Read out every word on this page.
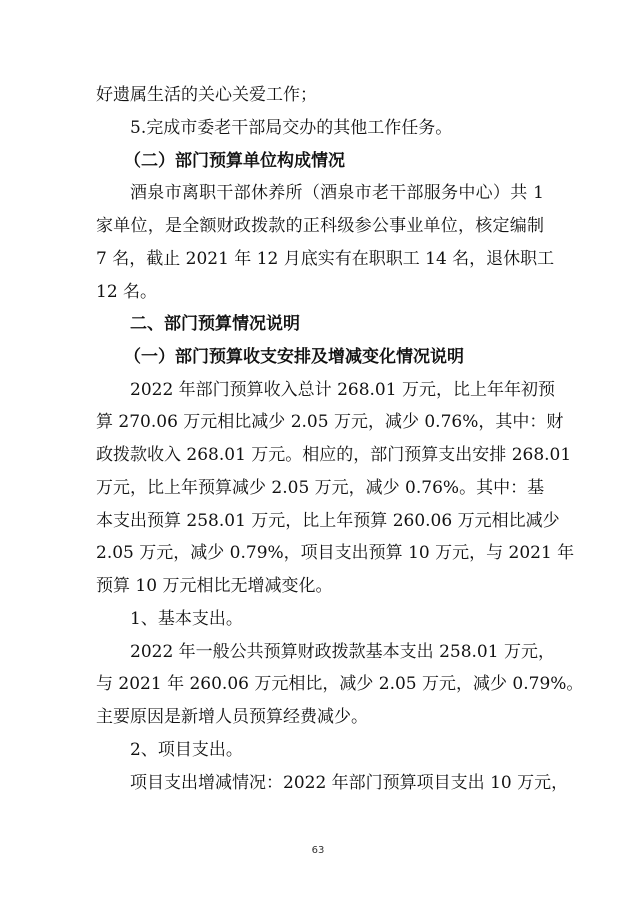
好遗属生活的关心关爱工作；
5.完成市委老干部局交办的其他工作任务。
（二）部门预算单位构成情况
酒泉市离职干部休养所（酒泉市老干部服务中心）共 1
家单位，是全额财政拨款的正科级参公事业单位，核定编制
7 名，截止 2021 年 12 月底实有在职职工 14 名，退休职工
12 名。
二、部门预算情况说明
（一）部门预算收支安排及增减变化情况说明
2022 年部门预算收入总计 268.01 万元，比上年年初预
算 270.06 万元相比减少 2.05 万元，减少 0.76%，其中：财
政拨款收入 268.01 万元。相应的，部门预算支出安排 268.01
万元，比上年预算减少 2.05 万元，减少 0.76%。其中：基
本支出预算 258.01 万元，比上年预算 260.06 万元相比减少
2.05 万元，减少 0.79%，项目支出预算 10 万元，与 2021 年
预算 10 万元相比无增减变化。
1、基本支出。
2022 年一般公共预算财政拨款基本支出 258.01 万元，
与 2021 年 260.06 万元相比，减少 2.05 万元，减少 0.79%。
主要原因是新增人员预算经费减少。
2、项目支出。
项目支出增减情况：2022 年部门预算项目支出 10 万元，
63
